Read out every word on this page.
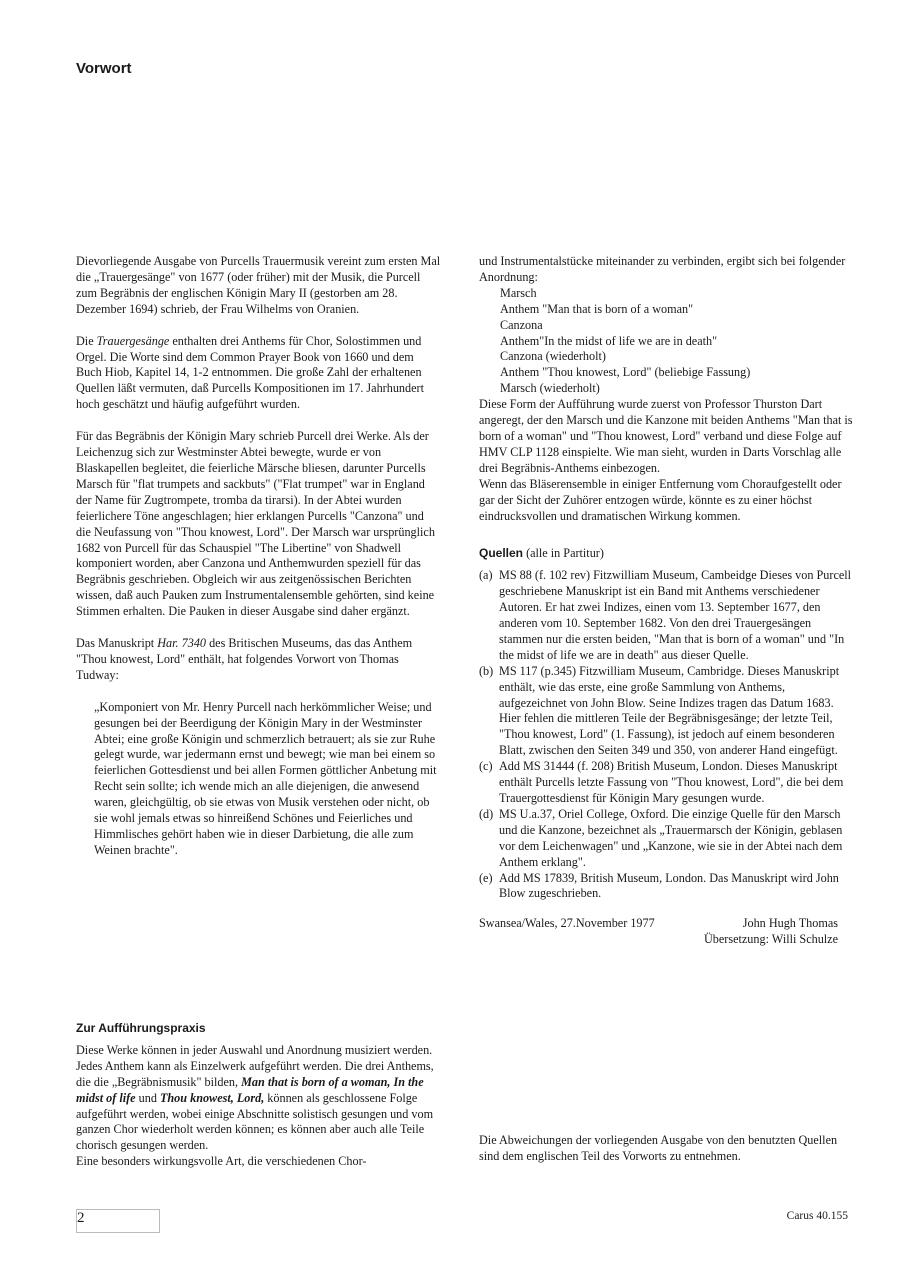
Vorwort

Dievorliegende Ausgabe von Purcells Trauermusik vereint zum ersten Mal die „Trauergesänge" von 1677 (oder früher) mit der Musik, die Purcell zum Begräbnis der englischen Königin Mary II (gestorben am 28. Dezember 1694) schrieb, der Frau Wilhelms von Oranien.

Die Trauergesänge enthalten drei Anthems für Chor, Solostimmen und Orgel. Die Worte sind dem Common Prayer Book von 1660 und dem Buch Hiob, Kapitel 14, 1-2 entnommen. Die große Zahl der erhaltenen Quellen läßt vermuten, daß Purcells Kompositionen im 17. Jahrhundert hoch geschätzt und häufig aufgeführt wurden.

Für das Begräbnis der Königin Mary schrieb Purcell drei Werke. Als der Leichenzug sich zur Westminster Abtei bewegte, wurde er von Blaskapellen begleitet, die feierliche Märsche bliesen, darunter Purcells Marsch für "flat trumpets and sackbuts" ("Flat trumpet" war in England der Name für Zugtrompete, tromba da tirarsi). In der Abtei wurden feierlichere Töne angeschlagen; hier erklangen Purcells "Canzona" und die Neufassung von "Thou knowest, Lord". Der Marsch war ursprünglich 1682 von Purcell für das Schauspiel "The Libertine" von Shadwell komponiert worden, aber Canzona und Anthemwurden speziell für das Begräbnis geschrieben. Obgleich wir aus zeitgenössischen Berichten wissen, daß auch Pauken zum Instrumentalensemble gehörten, sind keine Stimmen erhalten. Die Pauken in dieser Ausgabe sind daher ergänzt.

Das Manuskript Har. 7340 des Britischen Museums, das das Anthem "Thou knowest, Lord" enthält, hat folgendes Vorwort von Thomas Tudway:

„Komponiert von Mr. Henry Purcell nach herkömmlicher Weise; und gesungen bei der Beerdigung der Königin Mary in der Westminster Abtei; eine große Königin und schmerzlich betrauert; als sie zur Ruhe gelegt wurde, war jedermann ernst und bewegt; wie man bei einem so feierlichen Gottesdienst und bei allen Formen göttlicher Anbetung mit Recht sein sollte; ich wende mich an alle diejenigen, die anwesend waren, gleichgültig, ob sie etwas von Musik verstehen oder nicht, ob sie wohl jemals etwas so hinreißend Schönes und Feierliches und Himmlisches gehört haben wie in dieser Darbietung, die alle zum Weinen brachte".

Zur Aufführungspraxis

Diese Werke können in jeder Auswahl und Anordnung musiziert werden. Jedes Anthem kann als Einzelwerk aufgeführt werden. Die drei Anthems, die die „Begräbnismusik" bilden, Man that is born of a woman, In the midst of life und Thou knowest, Lord, können als geschlossene Folge aufgeführt werden, wobei einige Abschnitte solistisch gesungen und vom ganzen Chor wiederholt werden können; es können aber auch alle Teile chorisch gesungen werden.

Eine besonders wirkungsvolle Art, die verschiedenen Chor-

und Instrumentalstücke miteinander zu verbinden, ergibt sich bei folgender Anordnung:

Marsch
Anthem "Man that is born of a woman"
Canzona
Anthem"In the midst of life we are in death"
Canzona (wiederholt)
Anthem "Thou knowest, Lord" (beliebige Fassung)
Marsch (wiederholt)

Diese Form der Aufführung wurde zuerst von Professor Thurston Dart angeregt, der den Marsch und die Kanzone mit beiden Anthems "Man that is born of a woman" und "Thou knowest, Lord" verband und diese Folge auf HMV CLP 1128 einspielte. Wie man sieht, wurden in Darts Vorschlag alle drei Begräbnis-Anthems einbezogen.

Wenn das Bläserensemble in einiger Entfernung vom Choraufgestellt oder gar der Sicht der Zuhörer entzogen würde, könnte es zu einer höchst eindrucksvollen und dramatischen Wirkung kommen.

Quellen (alle in Partitur)
(a) MS 88 (f. 102 rev) Fitzwilliam Museum, Cambeidge Dieses von Purcell geschriebene Manuskript ist ein Band mit Anthems verschiedener Autoren. Er hat zwei Indizes, einen vom 13. September 1677, den anderen vom 10. September 1682. Von den drei Trauergesängen stammen nur die ersten beiden, "Man that is born of a woman" und "In the midst of life we are in death" aus dieser Quelle.
(b) MS 117 (p.345) Fitzwilliam Museum, Cambridge. Dieses Manuskript enthält, wie das erste, eine große Sammlung von Anthems, aufgezeichnet von John Blow. Seine Indizes tragen das Datum 1683. Hier fehlen die mittleren Teile der Begräbnisgesänge; der letzte Teil, "Thou knowest, Lord" (1. Fassung), ist jedoch auf einem besonderen Blatt, zwischen den Seiten 349 und 350, von anderer Hand eingefügt.
(c) Add MS 31444 (f. 208) British Museum, London. Dieses Manuskript enthält Purcells letzte Fassung von "Thou knowest, Lord", die bei dem Trauergottesdienst für Königin Mary gesungen wurde.
(d) MS U.a.37, Oriel College, Oxford. Die einzige Quelle für den Marsch und die Kanzone, bezeichnet als „Trauermarsch der Königin, geblasen vor dem Leichenwagen" und „Kanzone, wie sie in der Abtei nach dem Anthem erklang".
(e) Add MS 17839, British Museum, London. Das Manuskript wird John Blow zugeschrieben.
Swansea/Wales, 27.November 1977	John Hugh Thomas
Übersetzung: Willi Schulze
Die Abweichungen der vorliegenden Ausgabe von den benutzten Quellen sind dem englischen Teil des Vorworts zu entnehmen.
2	Carus 40.155
